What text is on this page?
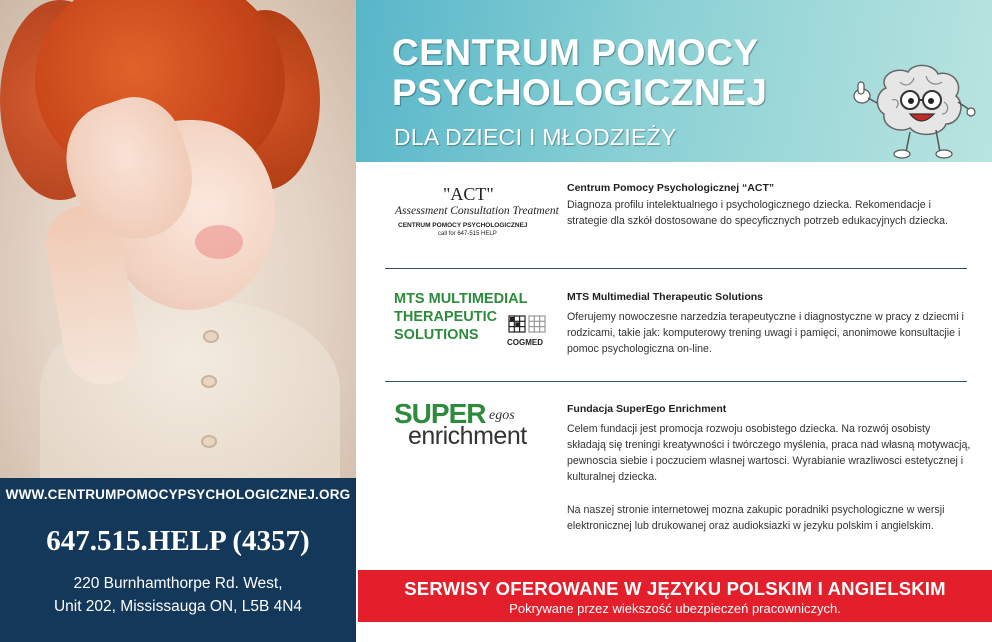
WWW.CENTRUMPOMOCYPSYCHOLOGICZNEJ.ORG
647.515.HELP (4357)
220 Burnhamthorpe Rd. West,
Unit 202, Mississauga ON, L5B 4N4
CENTRUM POMOCY
PSYCHOLOGICZNEJ
DLA DZIECI I MŁODZIEŻY
"ACT"
Assessment Consultation Treatment
CENTRUM POMOCY PSYCHOLOGICZNEJ
call for 647-515 HELP
Centrum Pomocy Psychologicznej “ACT”
Diagnoza profilu intelektualnego i psychologicznego dziecka. Rekomendacje i strategie dla szkół dostosowane do specyficznych potrzeb edukacyjnych dziecka.
MTS MULTIMEDIAL
THERAPEUTIC
SOLUTIONS	COGMED
MTS Multimedial Therapeutic Solutions
Oferujemy nowoczesne narzedzia terapeutyczne i diagnostyczne w pracy z dziecmi i rodzicami, takie jak: komputerowy trening uwagi i pamięci, anonimowe konsultacjie i pomoc psychologiczna on-line.
SUPER egos
enrichment
Fundacja SuperEgo Enrichment
Celem fundacji jest promocja rozwoju osobistego dziecka. Na rozwój osobisty składają się treningi kreatywności i twórczego myślenia, praca nad własną motywacją, pewnoscia siebie i poczuciem wlasnej wartosci. Wyrabianie wrazliwosci estetycznej i kulturalnej dziecka.
Na naszej stronie internetowej mozna zakupic poradniki psychologiczne w wersji elektronicznej lub drukowanej oraz audioksiazki w jezyku polskim i angielskim.
SERWISY OFEROWANE W JĘZYKU POLSKIM I ANGIELSKIM
Pokrywane przez wiekszość ubezpieczeń pracowniczych.
